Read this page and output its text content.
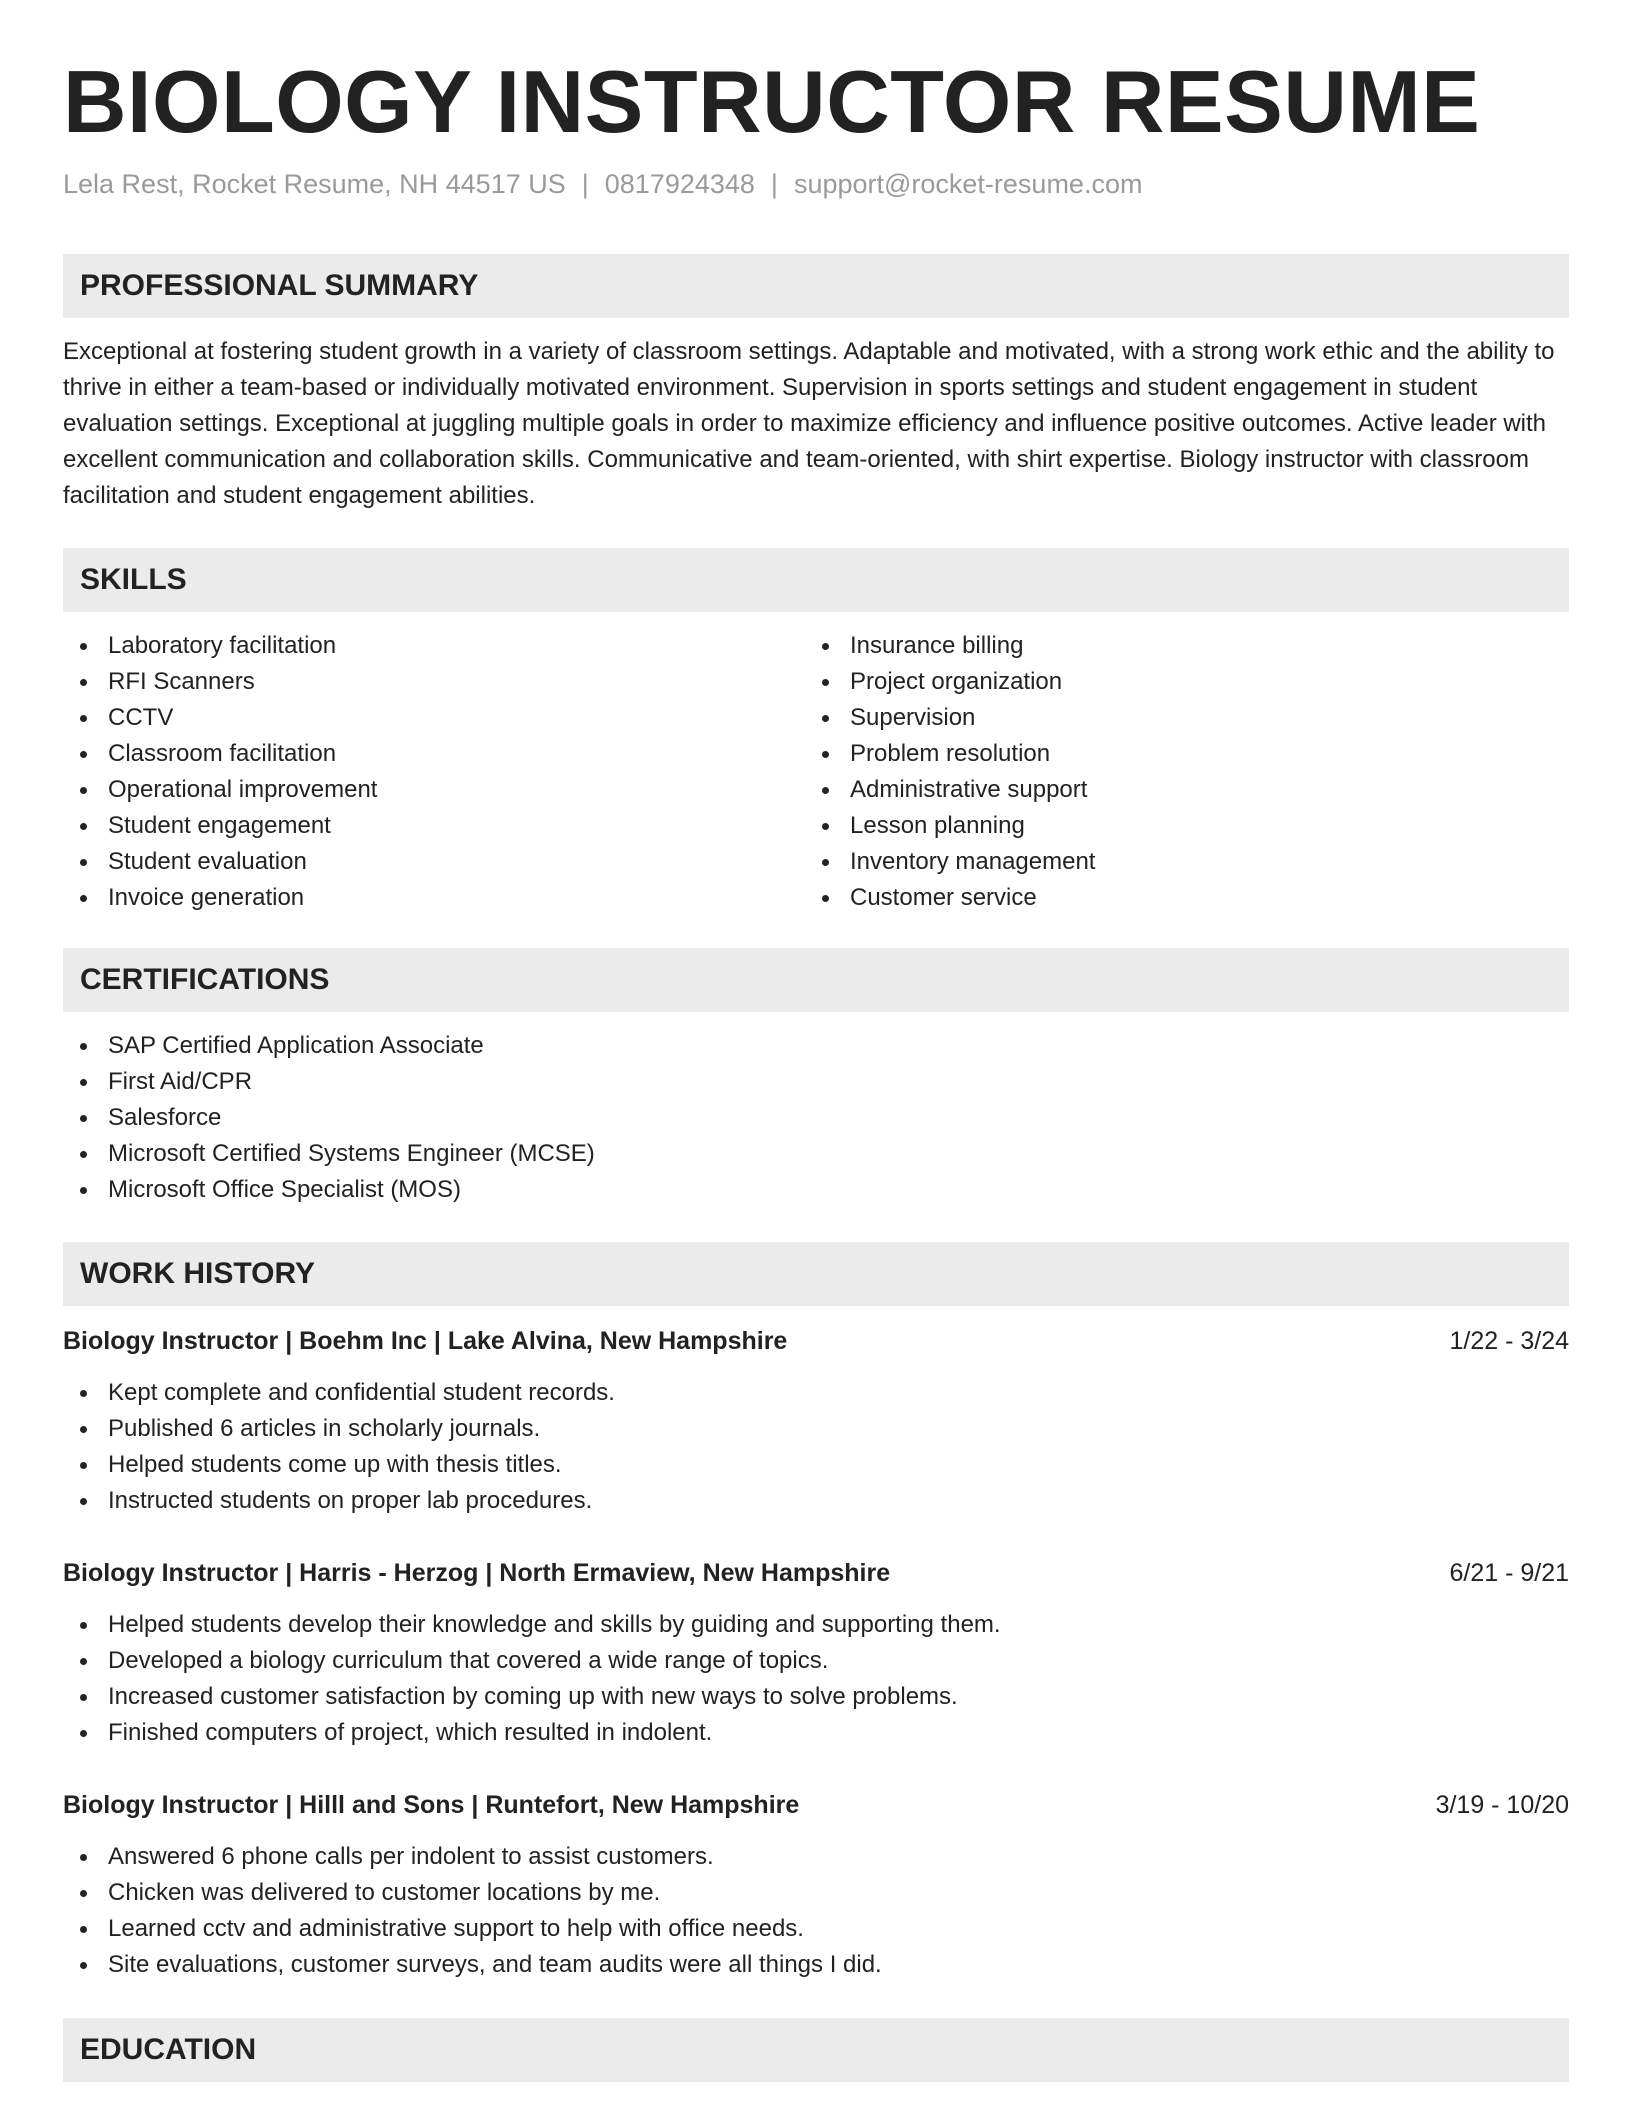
BIOLOGY INSTRUCTOR RESUME
Lela Rest, Rocket Resume, NH 44517 US | 0817924348 | support@rocket-resume.com
PROFESSIONAL SUMMARY

Exceptional at fostering student growth in a variety of classroom settings. Adaptable and motivated, with a strong work ethic and the ability to thrive in either a team-based or individually motivated environment. Supervision in sports settings and student engagement in student evaluation settings. Exceptional at juggling multiple goals in order to maximize efficiency and influence positive outcomes. Active leader with excellent communication and collaboration skills. Communicative and team-oriented, with shirt expertise. Biology instructor with classroom facilitation and student engagement abilities.

SKILLS
Laboratory facilitation
RFI Scanners
CCTV
Classroom facilitation
Operational improvement
Student engagement
Student evaluation
Invoice generation
Insurance billing
Project organization
Supervision
Problem resolution
Administrative support
Lesson planning
Inventory management
Customer service
CERTIFICATIONS
SAP Certified Application Associate
First Aid/CPR
Salesforce
Microsoft Certified Systems Engineer (MCSE)
Microsoft Office Specialist (MOS)
WORK HISTORY
Biology Instructor | Boehm Inc | Lake Alvina, New Hampshire	1/22 - 3/24
Kept complete and confidential student records.
Published 6 articles in scholarly journals.
Helped students come up with thesis titles.
Instructed students on proper lab procedures.
Biology Instructor | Harris - Herzog | North Ermaview, New Hampshire	6/21 - 9/21
Helped students develop their knowledge and skills by guiding and supporting them.
Developed a biology curriculum that covered a wide range of topics.
Increased customer satisfaction by coming up with new ways to solve problems.
Finished computers of project, which resulted in indolent.
Biology Instructor | Hilll and Sons | Runtefort, New Hampshire	3/19 - 10/20
Answered 6 phone calls per indolent to assist customers.
Chicken was delivered to customer locations by me.
Learned cctv and administrative support to help with office needs.
Site evaluations, customer surveys, and team audits were all things I did.
EDUCATION
